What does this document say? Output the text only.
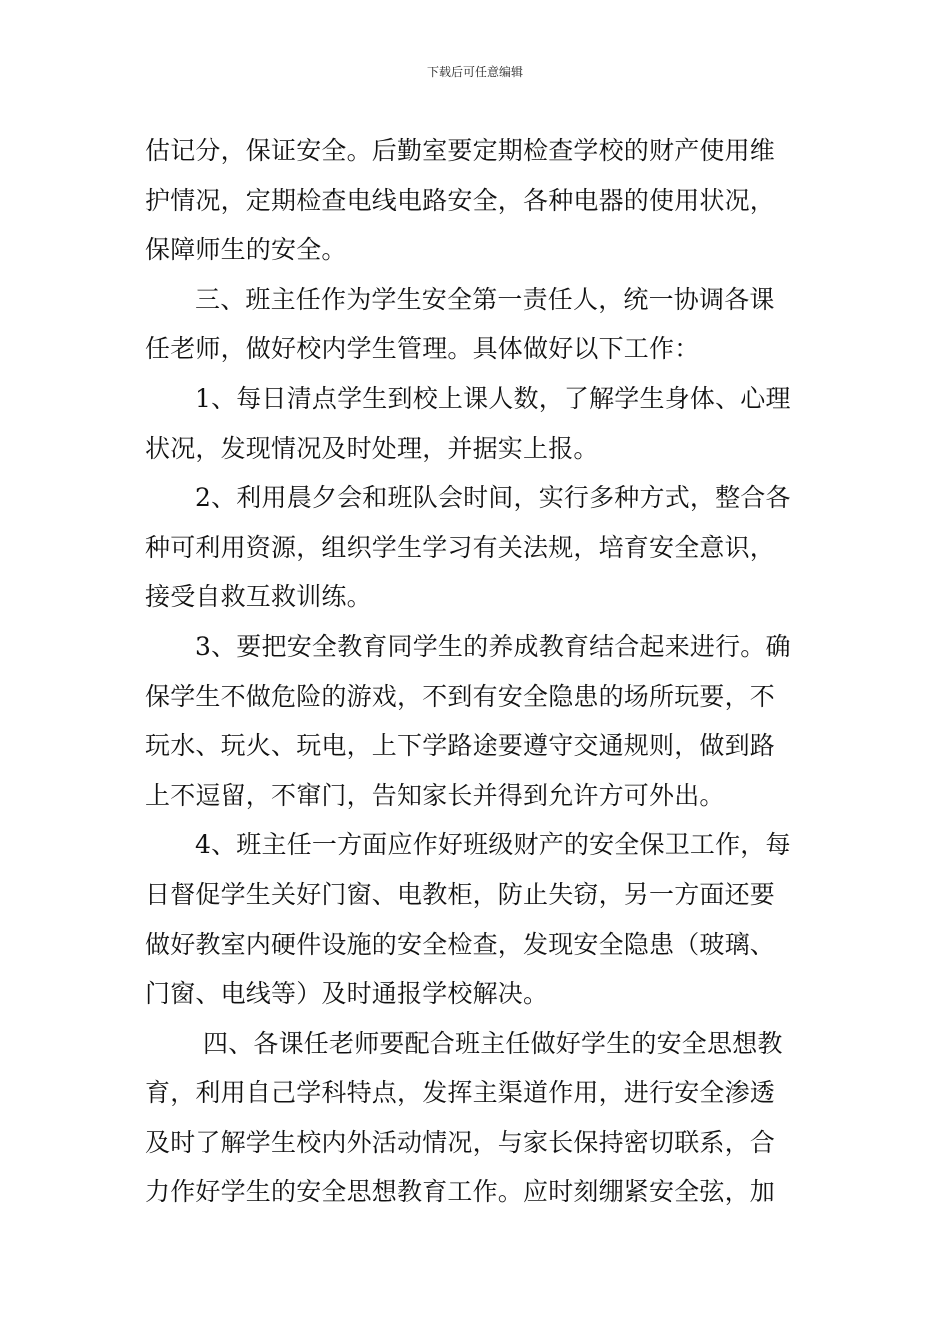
下载后可任意编辑
估记分，保证安全。后勤室要定期检查学校的财产使用维
护情况，定期检查电线电路安全，各种电器的使用状况，
保障师生的安全。
三、班主任作为学生安全第一责任人，统一协调各课
任老师，做好校内学生管理。具体做好以下工作：
1、每日清点学生到校上课人数，了解学生身体、心理
状况，发现情况及时处理，并据实上报。
2、利用晨夕会和班队会时间，实行多种方式，整合各
种可利用资源，组织学生学习有关法规，培育安全意识，
接受自救互救训练。
3、要把安全教育同学生的养成教育结合起来进行。确
保学生不做危险的游戏，不到有安全隐患的场所玩要，不
玩水、玩火、玩电，上下学路途要遵守交通规则，做到路
上不逗留，不窜门，告知家长并得到允许方可外出。
4、班主任一方面应作好班级财产的安全保卫工作，每
日督促学生关好门窗、电教柜，防止失窃，另一方面还要
做好教室内硬件设施的安全检查，发现安全隐患（玻璃、
门窗、电线等）及时通报学校解决。
四、各课任老师要配合班主任做好学生的安全思想教
育，利用自己学科特点，发挥主渠道作用，进行安全渗透
及时了解学生校内外活动情况，与家长保持密切联系，合
力作好学生的安全思想教育工作。应时刻绷紧安全弦，加
